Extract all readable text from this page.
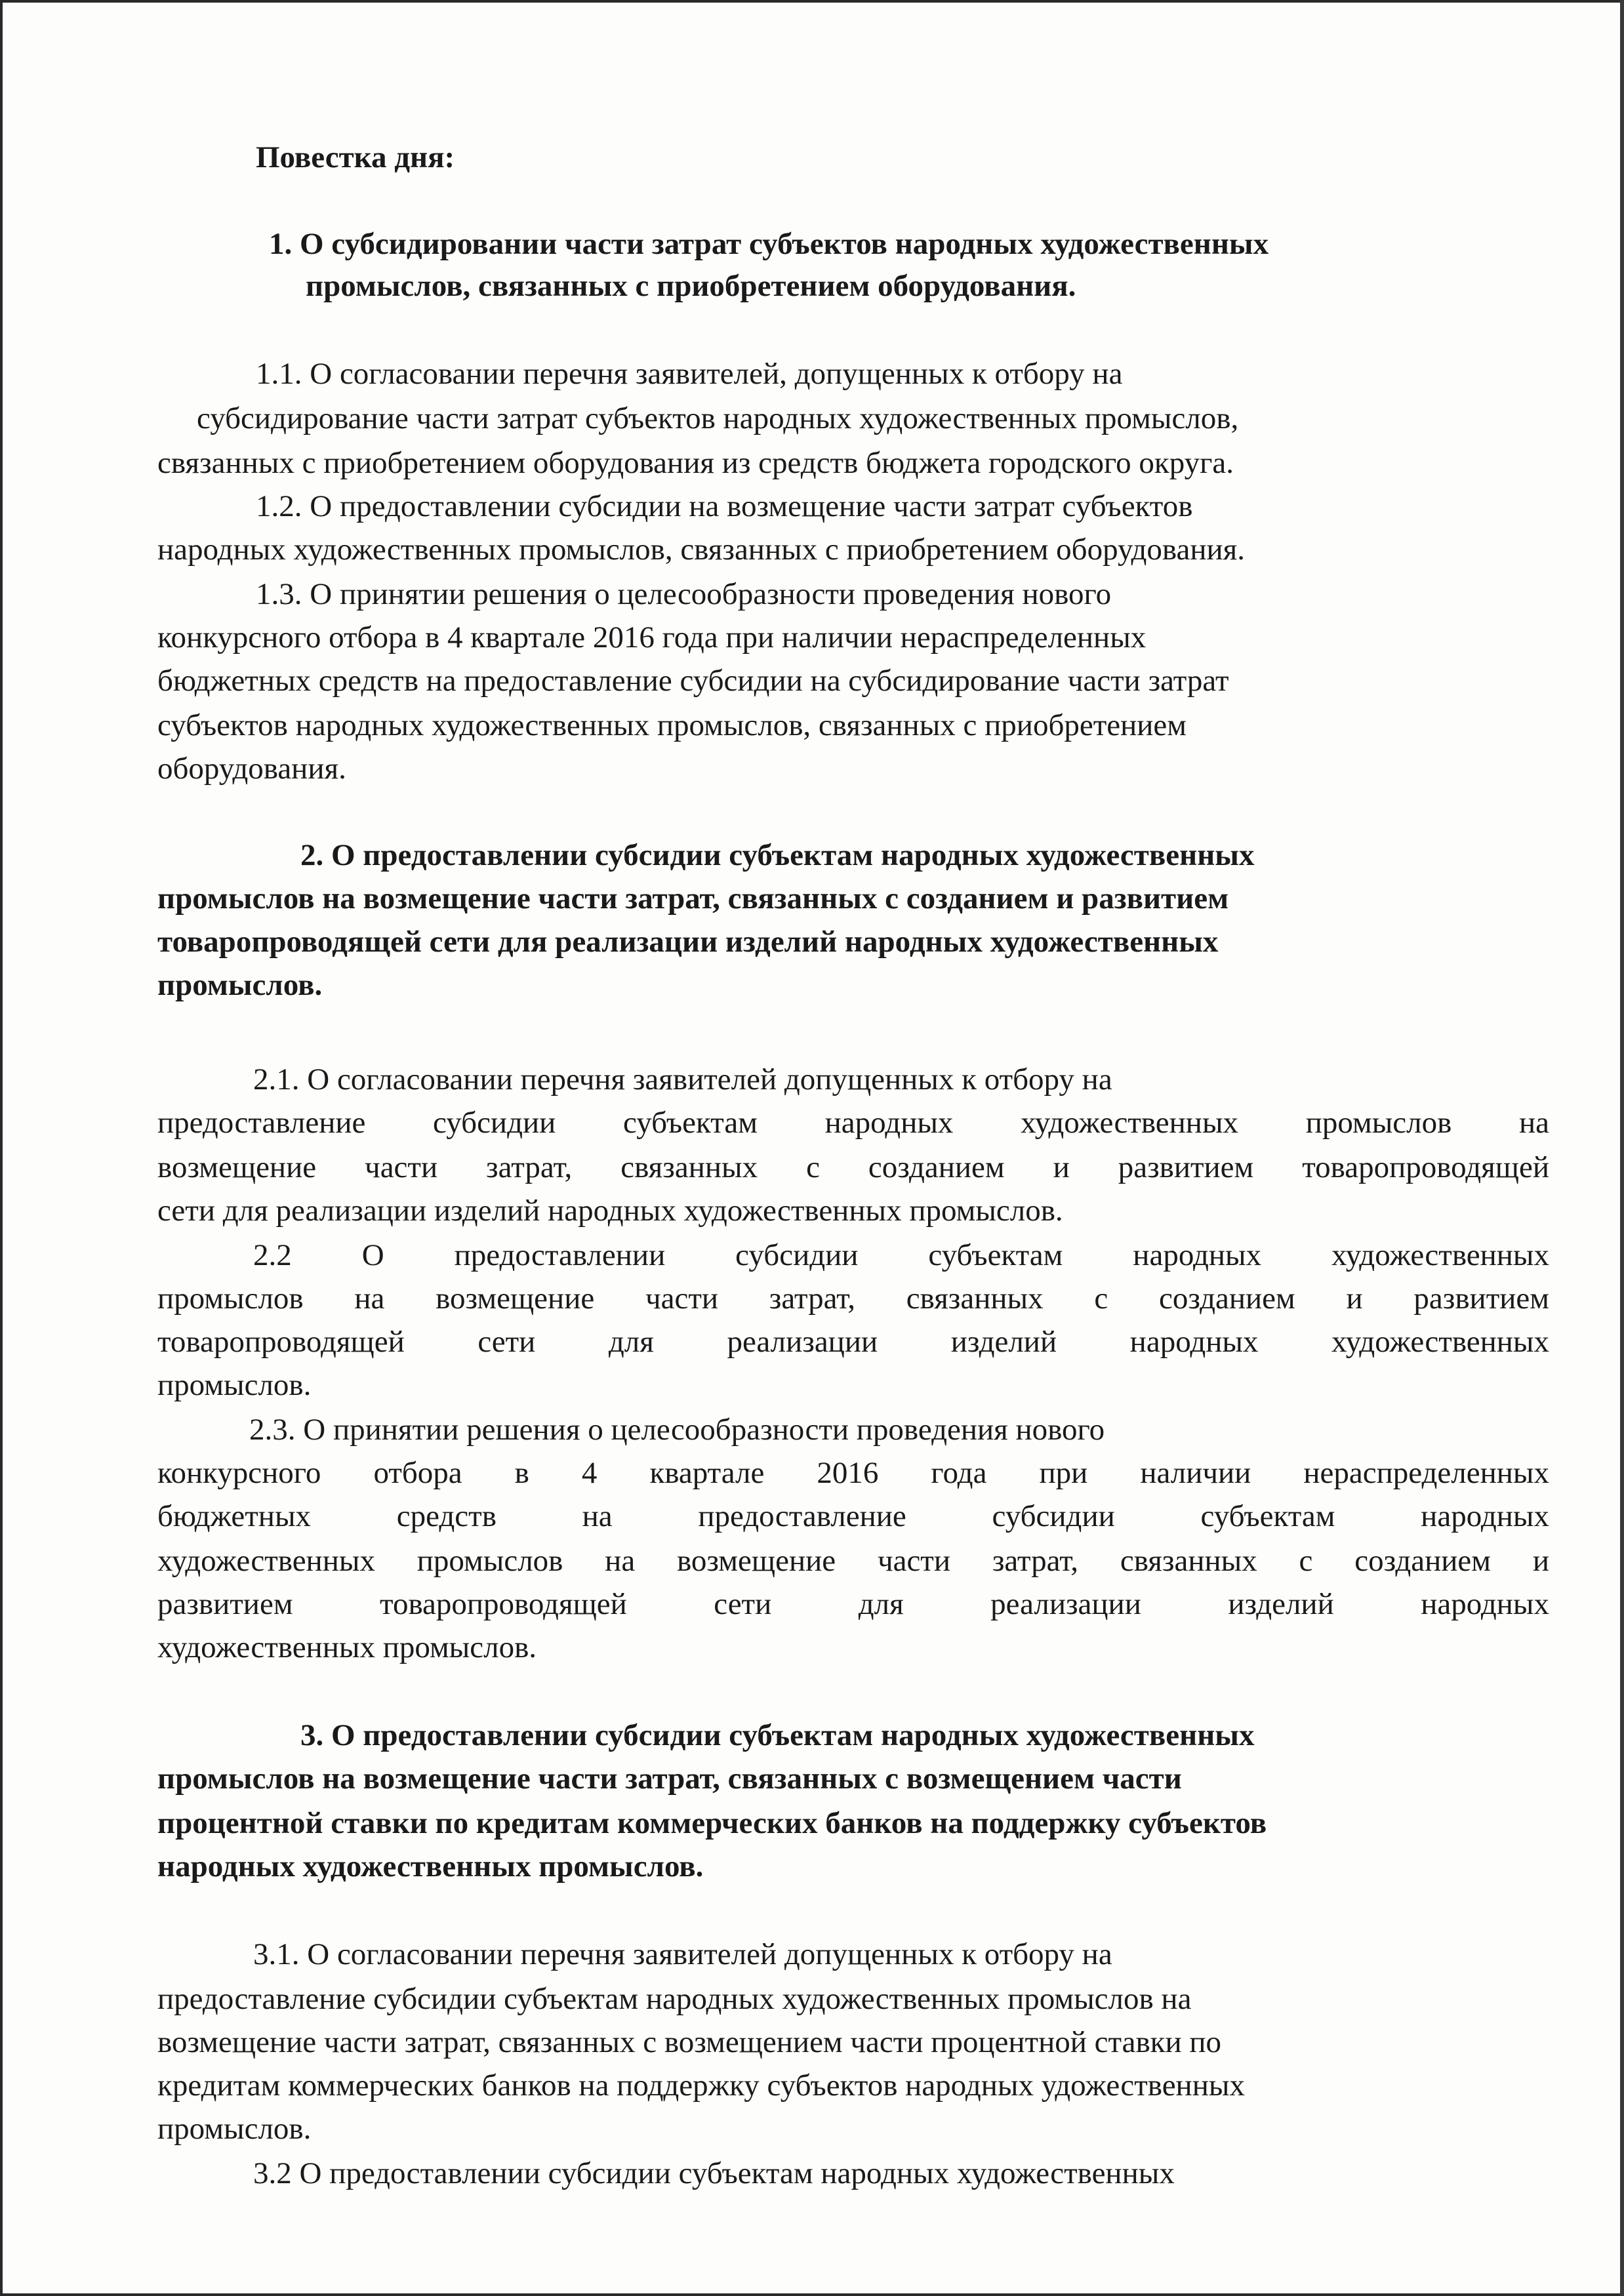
Повестка дня:
1. О субсидировании части затрат субъектов народных художественных
промыслов, связанных с приобретением оборудования.
1.1. О согласовании перечня заявителей, допущенных к отбору на
субсидирование части затрат субъектов народных художественных промыслов,
связанных с приобретением оборудования из средств бюджета городского округа.
1.2. О предоставлении субсидии на возмещение части затрат субъектов
народных художественных промыслов, связанных с приобретением оборудования.
1.3. О принятии решения о целесообразности проведения нового
конкурсного отбора в 4 квартале 2016 года при наличии нераспределенных
бюджетных средств на предоставление субсидии на субсидирование части затрат
субъектов народных художественных промыслов, связанных с приобретением
оборудования.
2. О предоставлении субсидии субъектам народных художественных
промыслов на возмещение части затрат, связанных с созданием и развитием
товаропроводящей сети для реализации изделий народных художественных
промыслов.
2.1. О согласовании перечня заявителей допущенных к отбору на
предоставление субсидии субъектам народных художественных промыслов на
возмещение части затрат, связанных с созданием и развитием товаропроводящей
сети для реализации изделий народных художественных промыслов.
2.2 О предоставлении субсидии субъектам народных художественных
промыслов на возмещение части затрат, связанных с созданием и развитием
товаропроводящей сети для реализации изделий народных художественных
промыслов.
2.3. О принятии решения о целесообразности проведения нового
конкурсного отбора в 4 квартале 2016 года при наличии нераспределенных
бюджетных средств на предоставление субсидии субъектам народных
художественных промыслов на возмещение части затрат, связанных с созданием и
развитием товаропроводящей сети для реализации изделий народных
художественных промыслов.
3. О предоставлении субсидии субъектам народных художественных
промыслов на возмещение части затрат, связанных с возмещением части
процентной ставки по кредитам коммерческих банков на поддержку субъектов
народных художественных промыслов.
3.1. О согласовании перечня заявителей допущенных к отбору на
предоставление субсидии субъектам народных художественных промыслов на
возмещение части затрат, связанных с возмещением части процентной ставки по
кредитам коммерческих банков на поддержку субъектов народных удожественных
промыслов.
3.2 О предоставлении субсидии субъектам народных художественных
